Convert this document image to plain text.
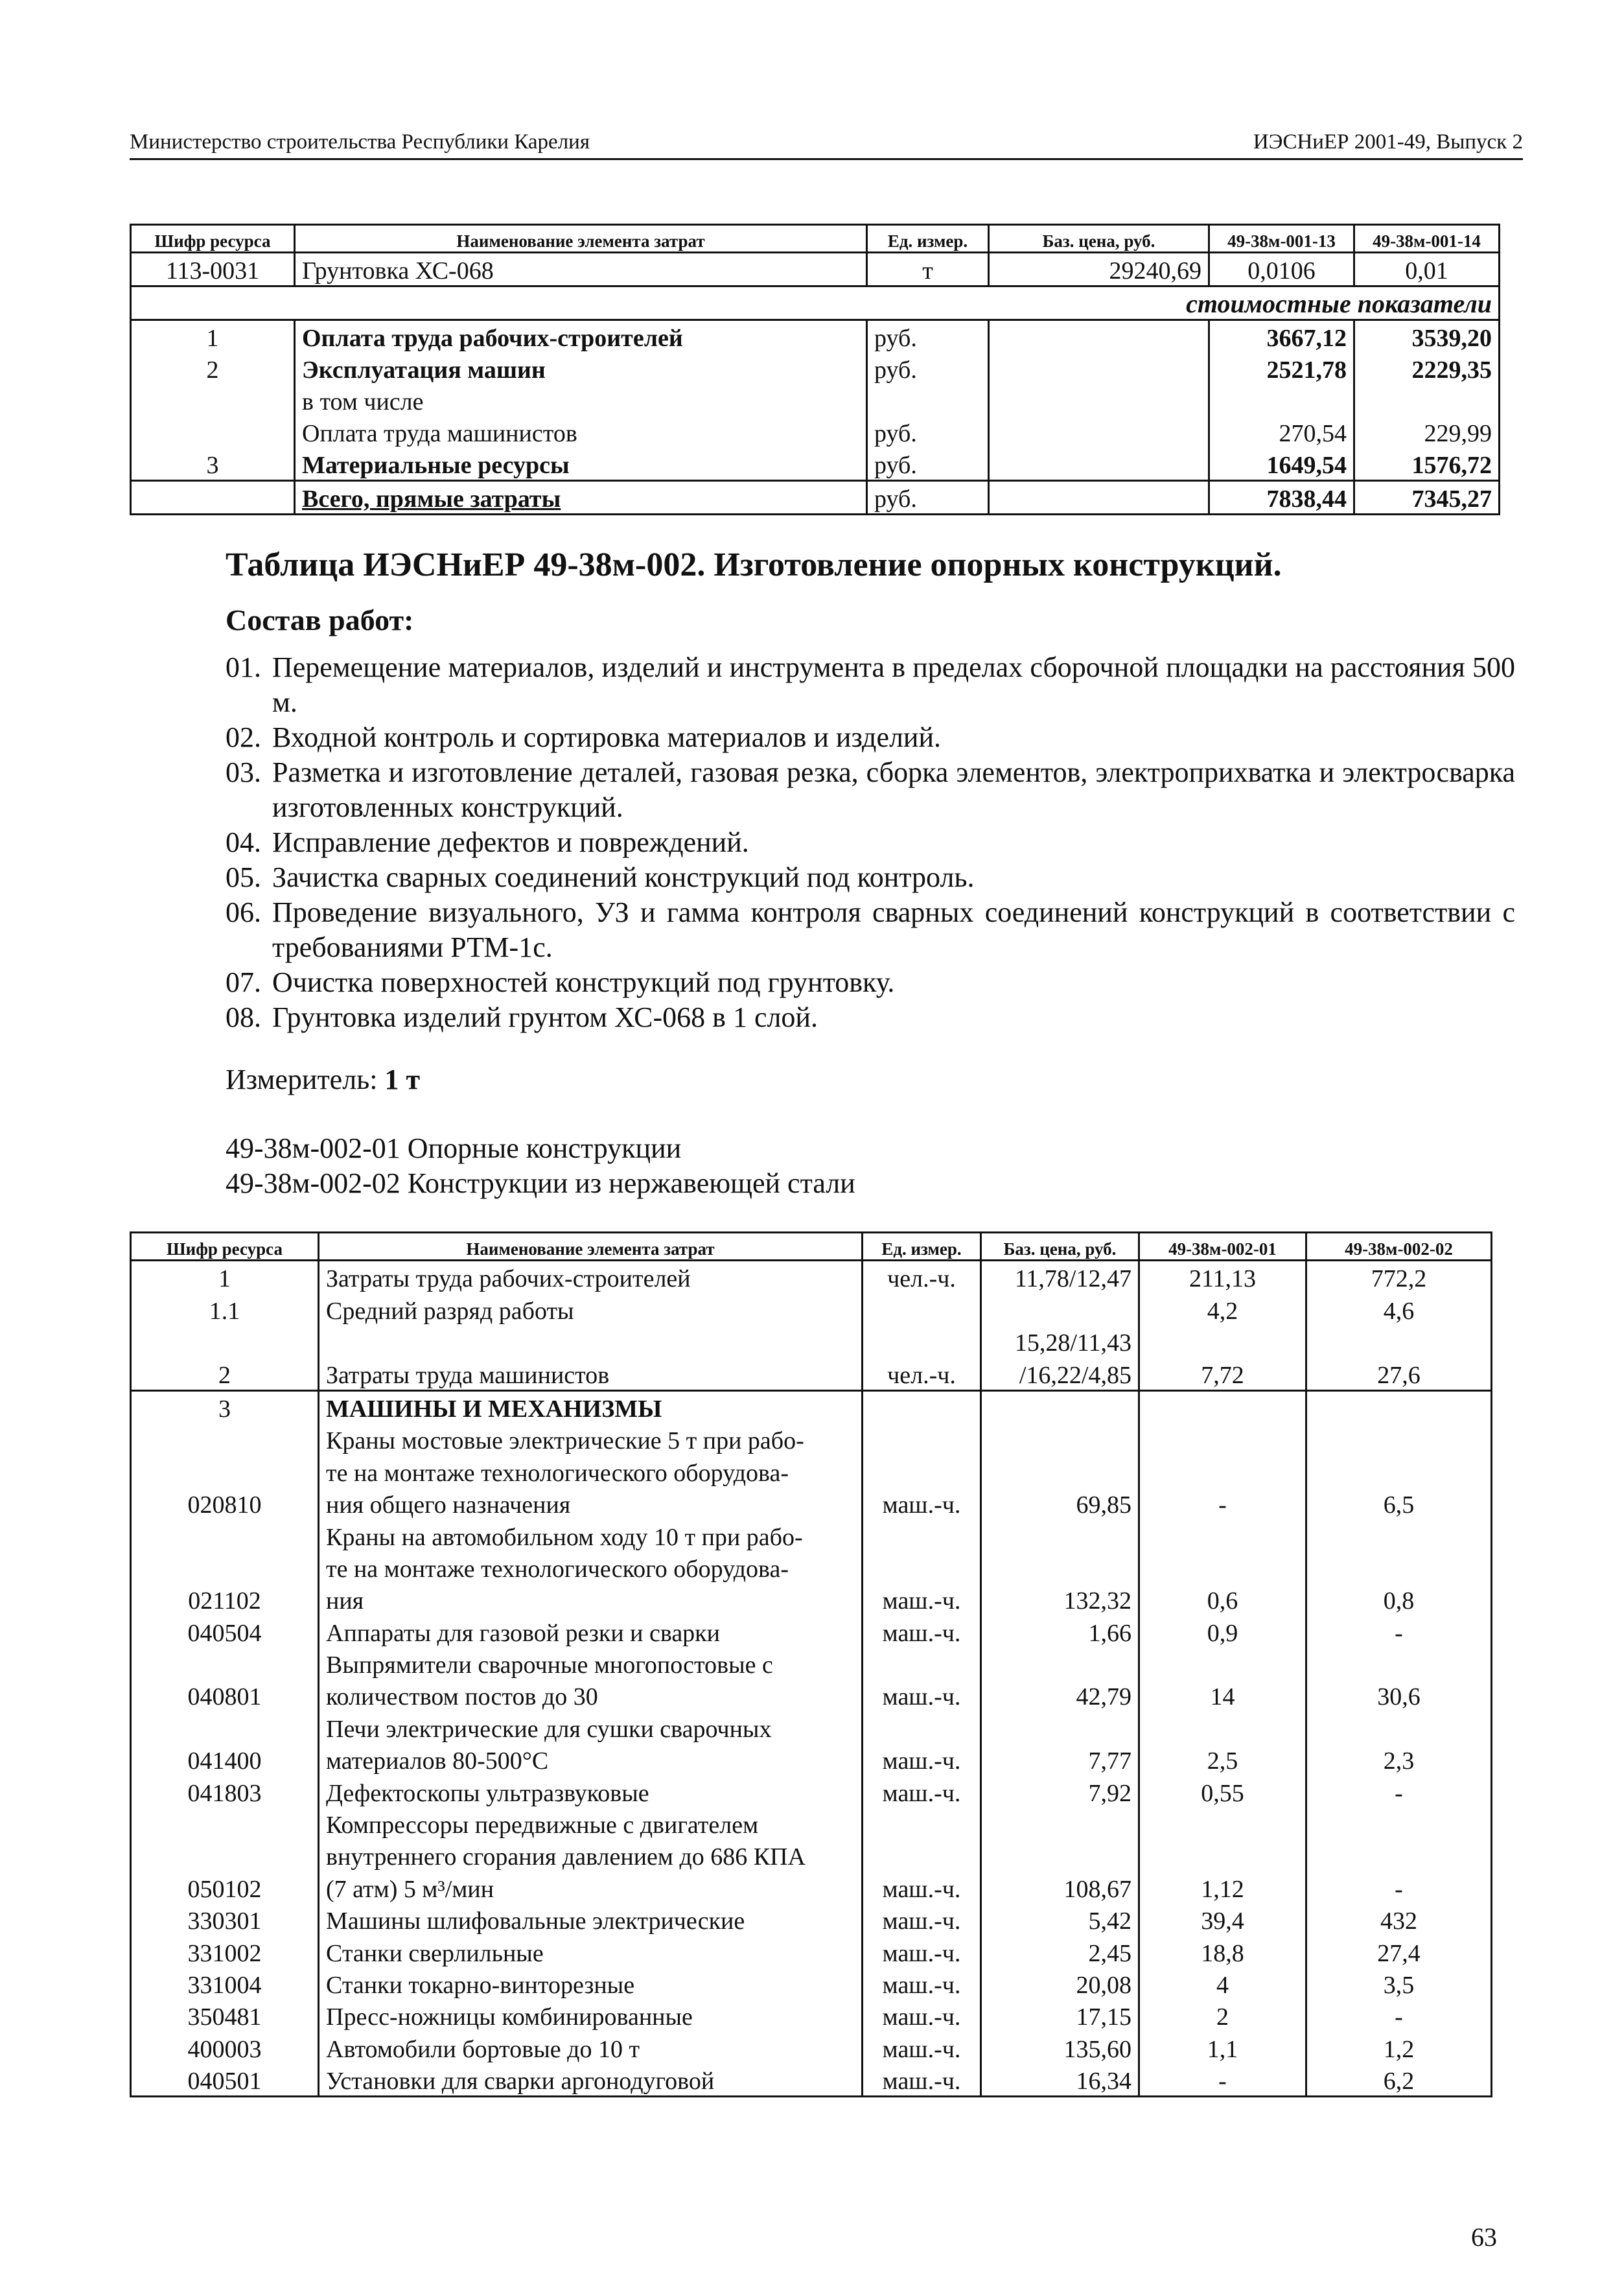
Министерство строительства Республики Карелия	ИЭСНиЕР 2001-49, Выпуск 2
Шифр ресурса	Наименование элемента затрат	Ед. измер.	Баз. цена, руб.	49-38м-001-13	49-38м-001-14
113-0031	Грунтовка ХС-068	т	29240,69	0,0106	0,01
стоимостные показатели					
1	Оплата труда рабочих-строителей	руб.		3667,12	3539,20
2	Эксплуатация машин	руб.		2521,78	2229,35
	в том числе				
	Оплата труда машинистов	руб.		270,54	229,99
3	Материальные ресурсы	руб.		1649,54	1576,72
	Всего, прямые затраты	руб.		7838,44	7345,27
Таблица ИЭСНиЕР 49-38м-002. Изготовление опорных конструкций.
Состав работ:
01. Перемещение материалов, изделий и инструмента в пределах сборочной площадки на расстояния 500 м.
02. Входной контроль и сортировка материалов и изделий.
03. Разметка и изготовление деталей, газовая резка, сборка элементов, электроприхватка и электросварка изготовленных конструкций.
04. Исправление дефектов и повреждений.
05. Зачистка сварных соединений конструкций под контроль.
06. Проведение визуального, УЗ и гамма контроля сварных соединений конструкций в соответствии с требованиями РТМ-1с.
07. Очистка поверхностей конструкций под грунтовку.
08. Грунтовка изделий грунтом ХС-068 в 1 слой.
Измеритель: 1 т
49-38м-002-01 Опорные конструкции
49-38м-002-02 Конструкции из нержавеющей стали
Шифр ресурса	Наименование элемента затрат	Ед. измер.	Баз. цена, руб.	49-38м-002-01	49-38м-002-02
1	Затраты труда рабочих-строителей	чел.-ч.	11,78/12,47	211,13	772,2
1.1	Средний разряд работы			4,2	4,6
			15,28/11,43		
2	Затраты труда машинистов	чел.-ч.	/16,22/4,85	7,72	27,6
3	МАШИНЫ И МЕХАНИЗМЫ				
	Краны мостовые электрические 5 т при рабо-				
	те на монтаже технологического оборудова-				
020810	ния общего назначения	маш.-ч.	69,85	-	6,5
	Краны на автомобильном ходу 10 т при рабо-				
	те на монтаже технологического оборудова-				
021102	ния	маш.-ч.	132,32	0,6	0,8
040504	Аппараты для газовой резки и сварки	маш.-ч.	1,66	0,9	-
	Выпрямители сварочные многопостовые с				
040801	количеством постов до 30	маш.-ч.	42,79	14	30,6
	Печи электрические для сушки сварочных				
041400	материалов 80-500°С	маш.-ч.	7,77	2,5	2,3
041803	Дефектоскопы ультразвуковые	маш.-ч.	7,92	0,55	-
	Компрессоры передвижные с двигателем				
	внутреннего сгорания давлением до 686 КПА				
050102	(7 атм) 5 м³/мин	маш.-ч.	108,67	1,12	-
330301	Машины шлифовальные электрические	маш.-ч.	5,42	39,4	432
331002	Станки сверлильные	маш.-ч.	2,45	18,8	27,4
331004	Станки токарно-винторезные	маш.-ч.	20,08	4	3,5
350481	Пресс-ножницы комбинированные	маш.-ч.	17,15	2	-
400003	Автомобили бортовые до 10 т	маш.-ч.	135,60	1,1	1,2
040501	Установки для сварки аргонодуговой	маш.-ч.	16,34	-	6,2
63
